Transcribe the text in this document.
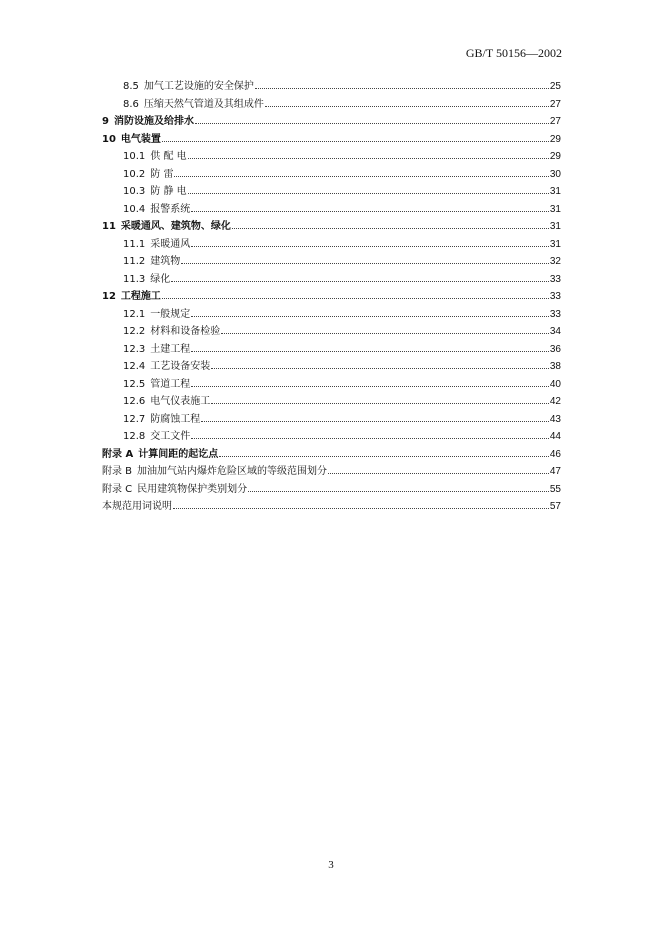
GB/T 50156—2002
8.5 加气工艺设施的安全保护	25
8.6 压缩天然气管道及其组成件	27
9 消防设施及给排水	27
10 电气装置	29
10.1 供 配 电	29
10.2 防 雷	30
10.3 防 静 电	31
10.4 报警系统	31
11 采暖通风、建筑物、绿化	31
11.1 采暖通风	31
11.2 建筑物	32
11.3 绿化	33
12 工程施工	33
12.1 一般规定	33
12.2 材料和设备检验	34
12.3 土建工程	36
12.4 工艺设备安装	38
12.5 管道工程	40
12.6 电气仪表施工	42
12.7 防腐蚀工程	43
12.8 交工文件	44
附录 A 计算间距的起讫点	46
附录 B 加油加气站内爆炸危险区域的等级范围划分	47
附录 C 民用建筑物保护类别划分	55
本规范用词说明	57
3
